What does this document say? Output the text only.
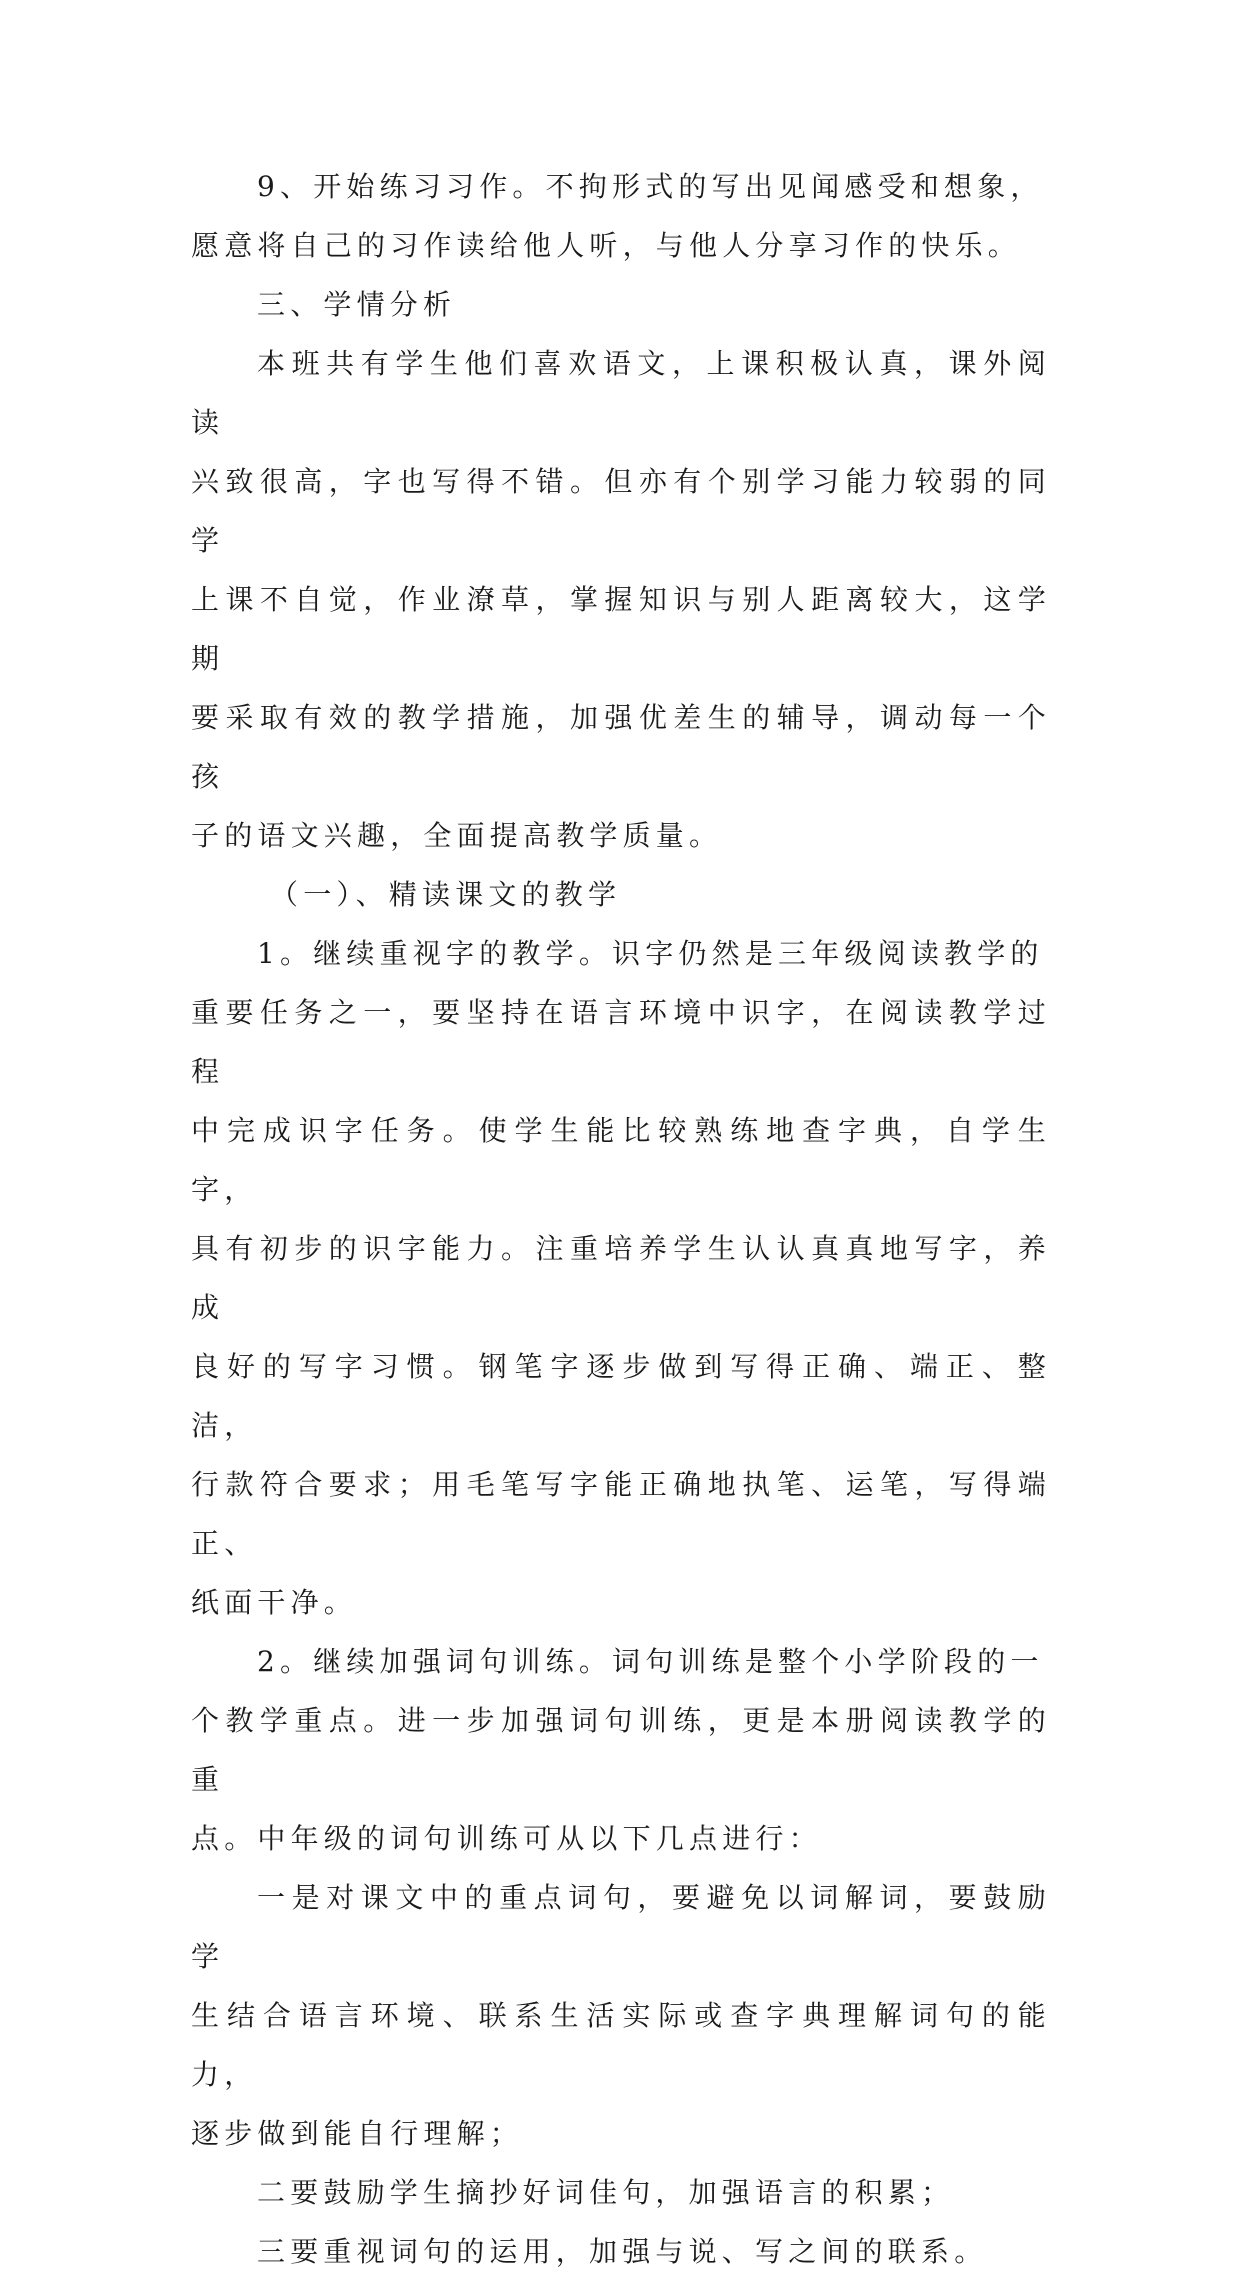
9、开始练习习作。不拘形式的写出见闻感受和想象，
愿意将自己的习作读给他人听，与他人分享习作的快乐。

三、学情分析

本班共有学生他们喜欢语文，上课积极认真，课外阅读
兴致很高，字也写得不错。但亦有个别学习能力较弱的同学
上课不自觉，作业潦草，掌握知识与别人距离较大，这学期
要采取有效的教学措施，加强优差生的辅导，调动每一个孩
子的语文兴趣，全面提高教学质量。

（一）、精读课文的教学

1。继续重视字的教学。识字仍然是三年级阅读教学的
重要任务之一，要坚持在语言环境中识字，在阅读教学过程
中完成识字任务。使学生能比较熟练地查字典，自学生字，
具有初步的识字能力。注重培养学生认认真真地写字，养成
良好的写字习惯。钢笔字逐步做到写得正确、端正、整洁，
行款符合要求；用毛笔写字能正确地执笔、运笔，写得端正、
纸面干净。

2。继续加强词句训练。词句训练是整个小学阶段的一
个教学重点。进一步加强词句训练，更是本册阅读教学的重
点。中年级的词句训练可从以下几点进行：

一是对课文中的重点词句，要避免以词解词，要鼓励学
生结合语言环境、联系生活实际或查字典理解词句的能力，
逐步做到能自行理解；

二要鼓励学生摘抄好词佳句，加强语言的积累；

三要重视词句的运用，加强与说、写之间的联系。
